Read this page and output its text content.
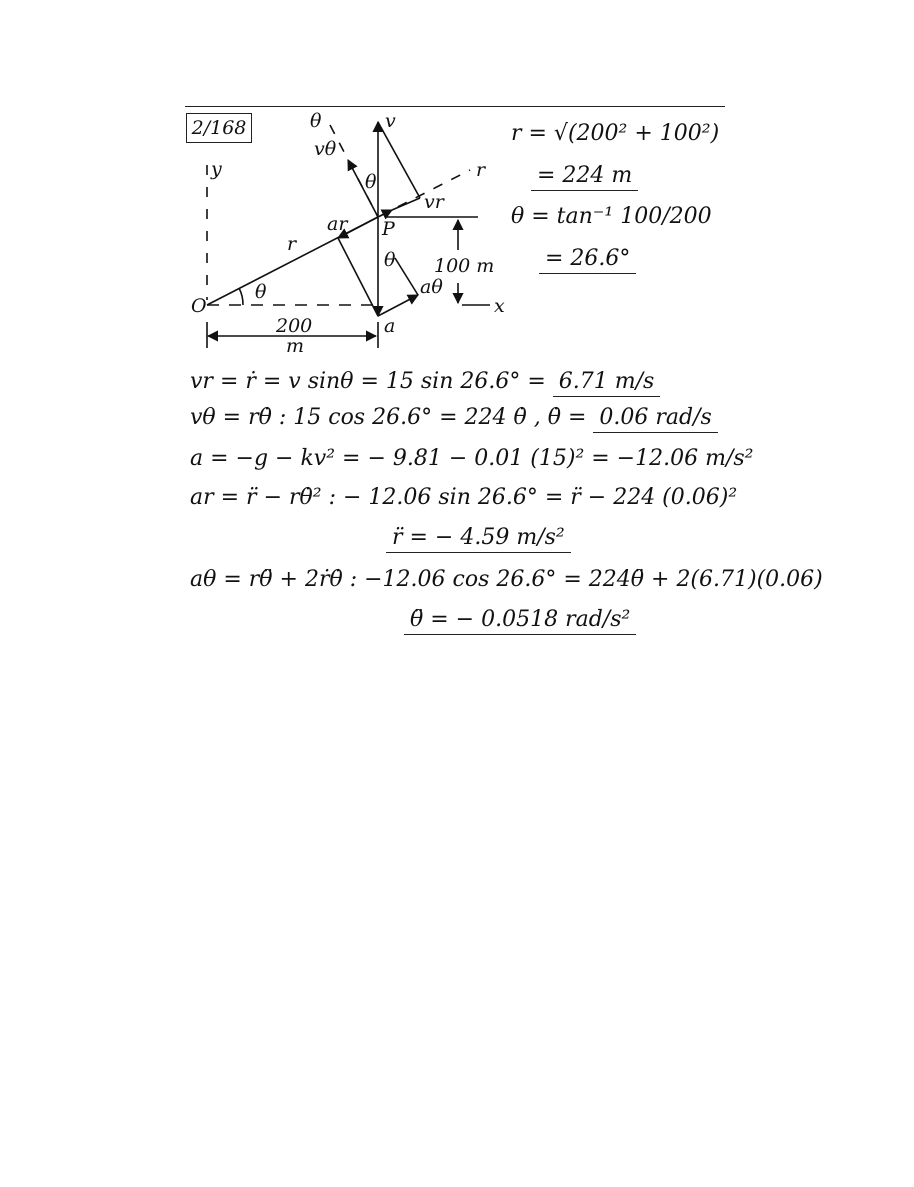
2/168
y
O
θ
θ	v
vθ
θ
r
vr
ar P
r
θ 100 m
aθ
x
a
200
m
r = √(200² + 100²)
= 224 m
θ = tan⁻¹ 100/200
= 26.6°
vr = ṙ = v sinθ = 15 sin 26.6° = 6.71 m/s
vθ = rθ̇ : 15 cos 26.6° = 224 θ̇ , θ̇ = 0.06 rad/s
a = −g − kv² = − 9.81 − 0.01 (15)² = −12.06 m/s²
ar = r̈ − rθ̇² : − 12.06 sin 26.6° = r̈ − 224 (0.06)²
r̈ = − 4.59 m/s²
aθ = rθ̈ + 2ṙθ̇ : −12.06 cos 26.6° = 224θ̈ + 2(6.71)(0.06)
θ̈ = − 0.0518 rad/s²
